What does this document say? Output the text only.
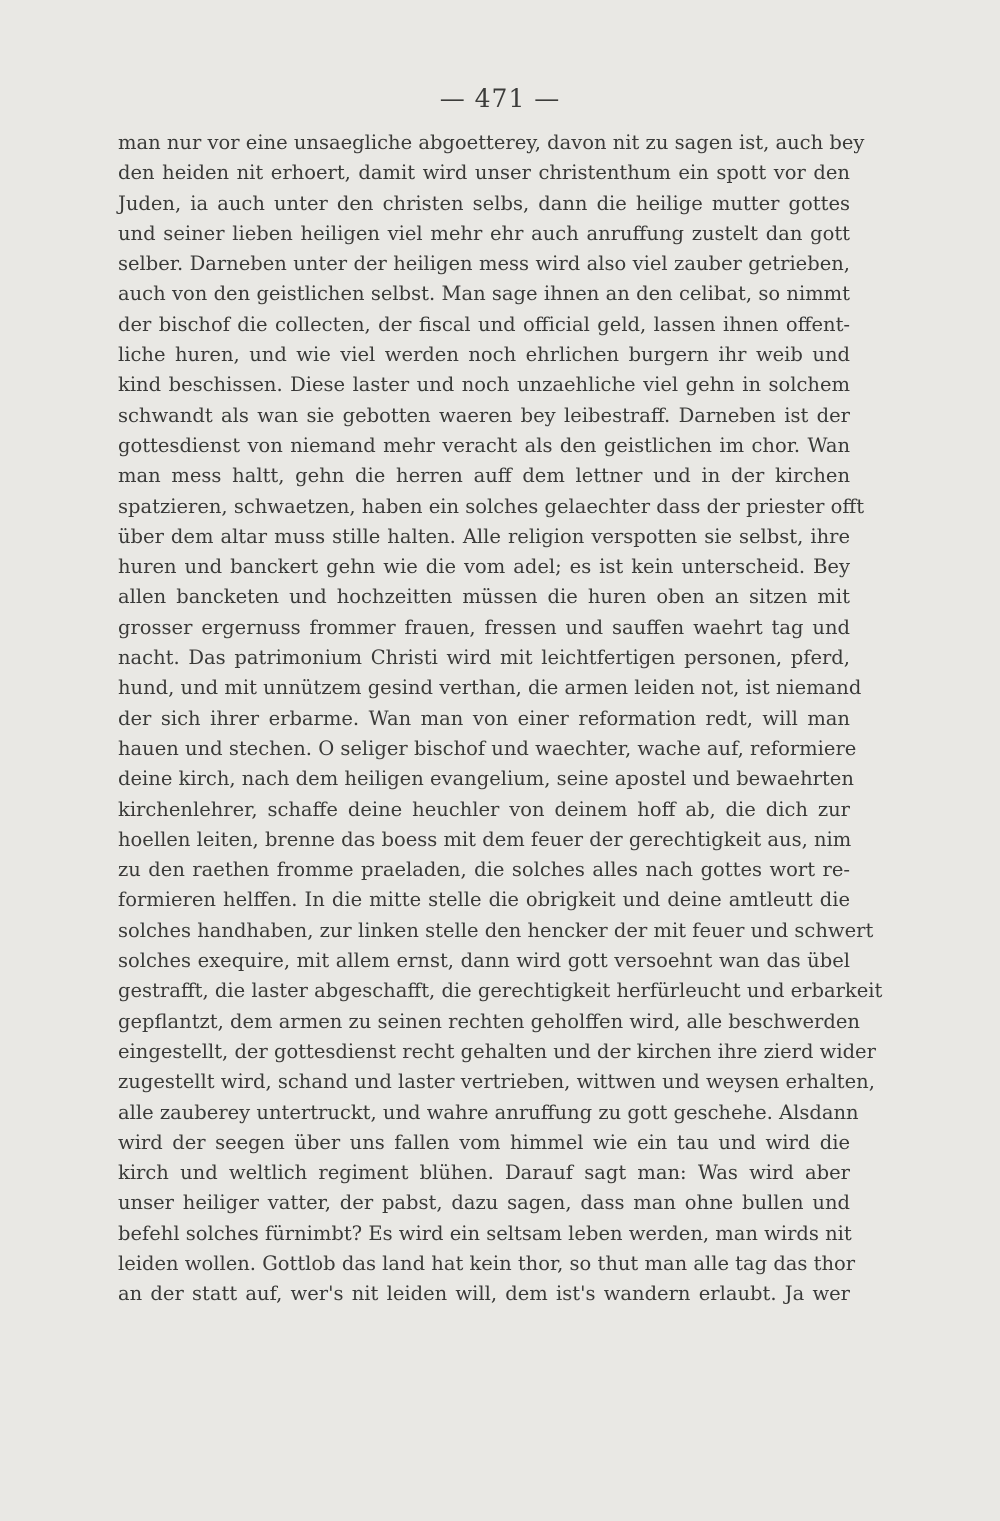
— 471 —
man nur vor eine unsaegliche abgoetterey, davon nit zu sagen ist, auch bey
den heiden nit erhoert, damit wird unser christenthum ein spott vor den
Juden, ia auch unter den christen selbs, dann die heilige mutter gottes
und seiner lieben heiligen viel mehr ehr auch anruffung zustelt dan gott
selber. Darneben unter der heiligen mess wird also viel zauber getrieben,
auch von den geistlichen selbst. Man sage ihnen an den celibat, so nimmt
der bischof die collecten, der fiscal und official geld, lassen ihnen offent-
liche huren, und wie viel werden noch ehrlichen burgern ihr weib und
kind beschissen. Diese laster und noch unzaehliche viel gehn in solchem
schwandt als wan sie gebotten waeren bey leibestraff. Darneben ist der
gottesdienst von niemand mehr veracht als den geistlichen im chor. Wan
man mess haltt, gehn die herren auff dem lettner und in der kirchen
spatzieren, schwaetzen, haben ein solches gelaechter dass der priester offt
über dem altar muss stille halten. Alle religion verspotten sie selbst, ihre
huren und banckert gehn wie die vom adel; es ist kein unterscheid. Bey
allen bancketen und hochzeitten müssen die huren oben an sitzen mit
grosser ergernuss frommer frauen, fressen und sauffen waehrt tag und
nacht. Das patrimonium Christi wird mit leichtfertigen personen, pferd,
hund, und mit unnützem gesind verthan, die armen leiden not, ist niemand
der sich ihrer erbarme. Wan man von einer reformation redt, will man
hauen und stechen. O seliger bischof und waechter, wache auf, reformiere
deine kirch, nach dem heiligen evangelium, seine apostel und bewaehrten
kirchenlehrer, schaffe deine heuchler von deinem hoff ab, die dich zur
hoellen leiten, brenne das boess mit dem feuer der gerechtigkeit aus, nim
zu den raethen fromme praeladen, die solches alles nach gottes wort re-
formieren helffen. In die mitte stelle die obrigkeit und deine amtleutt die
solches handhaben, zur linken stelle den hencker der mit feuer und schwert
solches exequire, mit allem ernst, dann wird gott versoehnt wan das übel
gestrafft, die laster abgeschafft, die gerechtigkeit herfürleucht und erbarkeit
gepflantzt, dem armen zu seinen rechten geholffen wird, alle beschwerden
eingestellt, der gottesdienst recht gehalten und der kirchen ihre zierd wider
zugestellt wird, schand und laster vertrieben, wittwen und weysen erhalten,
alle zauberey untertruckt, und wahre anruffung zu gott geschehe. Alsdann
wird der seegen über uns fallen vom himmel wie ein tau und wird die
kirch und weltlich regiment blühen. Darauf sagt man: Was wird aber
unser heiliger vatter, der pabst, dazu sagen, dass man ohne bullen und
befehl solches fürnimbt? Es wird ein seltsam leben werden, man wirds nit
leiden wollen. Gottlob das land hat kein thor, so thut man alle tag das thor
an der statt auf, wer's nit leiden will, dem ist's wandern erlaubt. Ja wer
